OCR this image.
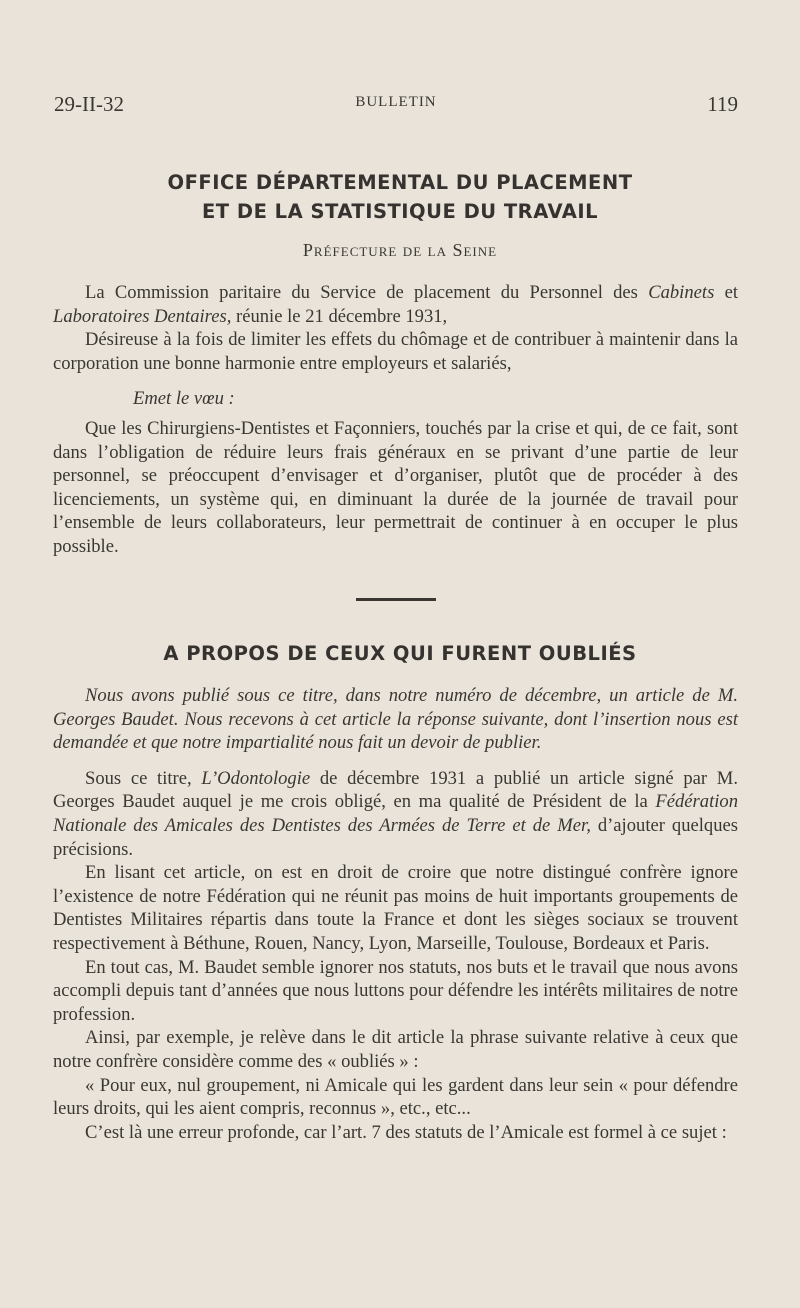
29-II-32	BULLETIN	119
OFFICE DÉPARTEMENTAL DU PLACEMENT
ET DE LA STATISTIQUE DU TRAVAIL
Préfecture de la Seine

La Commission paritaire du Service de placement du Personnel des Cabinets et Laboratoires Dentaires, réunie le 21 décembre 1931,

Désireuse à la fois de limiter les effets du chômage et de contribuer à maintenir dans la corporation une bonne harmonie entre employeurs et salariés,

Emet le vœu :

Que les Chirurgiens-Dentistes et Façonniers, touchés par la crise et qui, de ce fait, sont dans l’obligation de réduire leurs frais généraux en se privant d’une partie de leur personnel, se préoccupent d’envisager et d’organiser, plutôt que de procéder à des licenciements, un système qui, en diminuant la durée de la journée de travail pour l’ensemble de leurs collaborateurs, leur permettrait de continuer à en occuper le plus possible.

A PROPOS DE CEUX QUI FURENT OUBLIÉS

Nous avons publié sous ce titre, dans notre numéro de décembre, un article de M. Georges Baudet. Nous recevons à cet article la réponse suivante, dont l’insertion nous est demandée et que notre impartialité nous fait un devoir de publier.

Sous ce titre, L’Odontologie de décembre 1931 a publié un article signé par M. Georges Baudet auquel je me crois obligé, en ma qualité de Président de la Fédération Nationale des Amicales des Dentistes des Armées de Terre et de Mer, d’ajouter quelques précisions.

En lisant cet article, on est en droit de croire que notre distingué confrère ignore l’existence de notre Fédération qui ne réunit pas moins de huit importants groupements de Dentistes Militaires répartis dans toute la France et dont les sièges sociaux se trouvent respectivement à Béthune, Rouen, Nancy, Lyon, Marseille, Toulouse, Bordeaux et Paris.

En tout cas, M. Baudet semble ignorer nos statuts, nos buts et le travail que nous avons accompli depuis tant d’années que nous luttons pour défendre les intérêts militaires de notre profession.

Ainsi, par exemple, je relève dans le dit article la phrase suivante relative à ceux que notre confrère considère comme des « oubliés » :

« Pour eux, nul groupement, ni Amicale qui les gardent dans leur sein « pour défendre leurs droits, qui les aient compris, reconnus », etc., etc...

C’est là une erreur profonde, car l’art. 7 des statuts de l’Amicale est formel à ce sujet :
